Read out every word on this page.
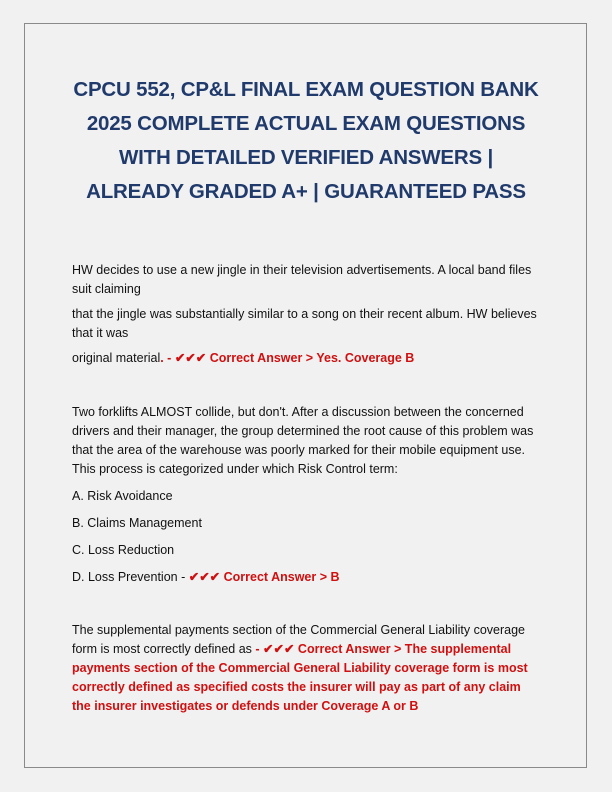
CPCU 552, CP&L FINAL EXAM QUESTION BANK
2025 COMPLETE ACTUAL EXAM QUESTIONS
WITH DETAILED VERIFIED ANSWERS |
ALREADY GRADED A+ | GUARANTEED PASS

HW decides to use a new jingle in their television advertisements. A local band files suit claiming

that the jingle was substantially similar to a song on their recent album. HW believes that it was

original material. - ✔✔✔ Correct Answer > Yes. Coverage B

Two forklifts ALMOST collide, but don't. After a discussion between the concerned drivers and their manager, the group determined the root cause of this problem was that the area of the warehouse was poorly marked for their mobile equipment use. This process is categorized under which Risk Control term:

A. Risk Avoidance

B. Claims Management

C. Loss Reduction

D. Loss Prevention - ✔✔✔ Correct Answer > B

The supplemental payments section of the Commercial General Liability coverage form is most correctly defined as - ✔✔✔ Correct Answer > The supplemental payments section of the Commercial General Liability coverage form is most correctly defined as specified costs the insurer will pay as part of any claim the insurer investigates or defends under Coverage A or B
